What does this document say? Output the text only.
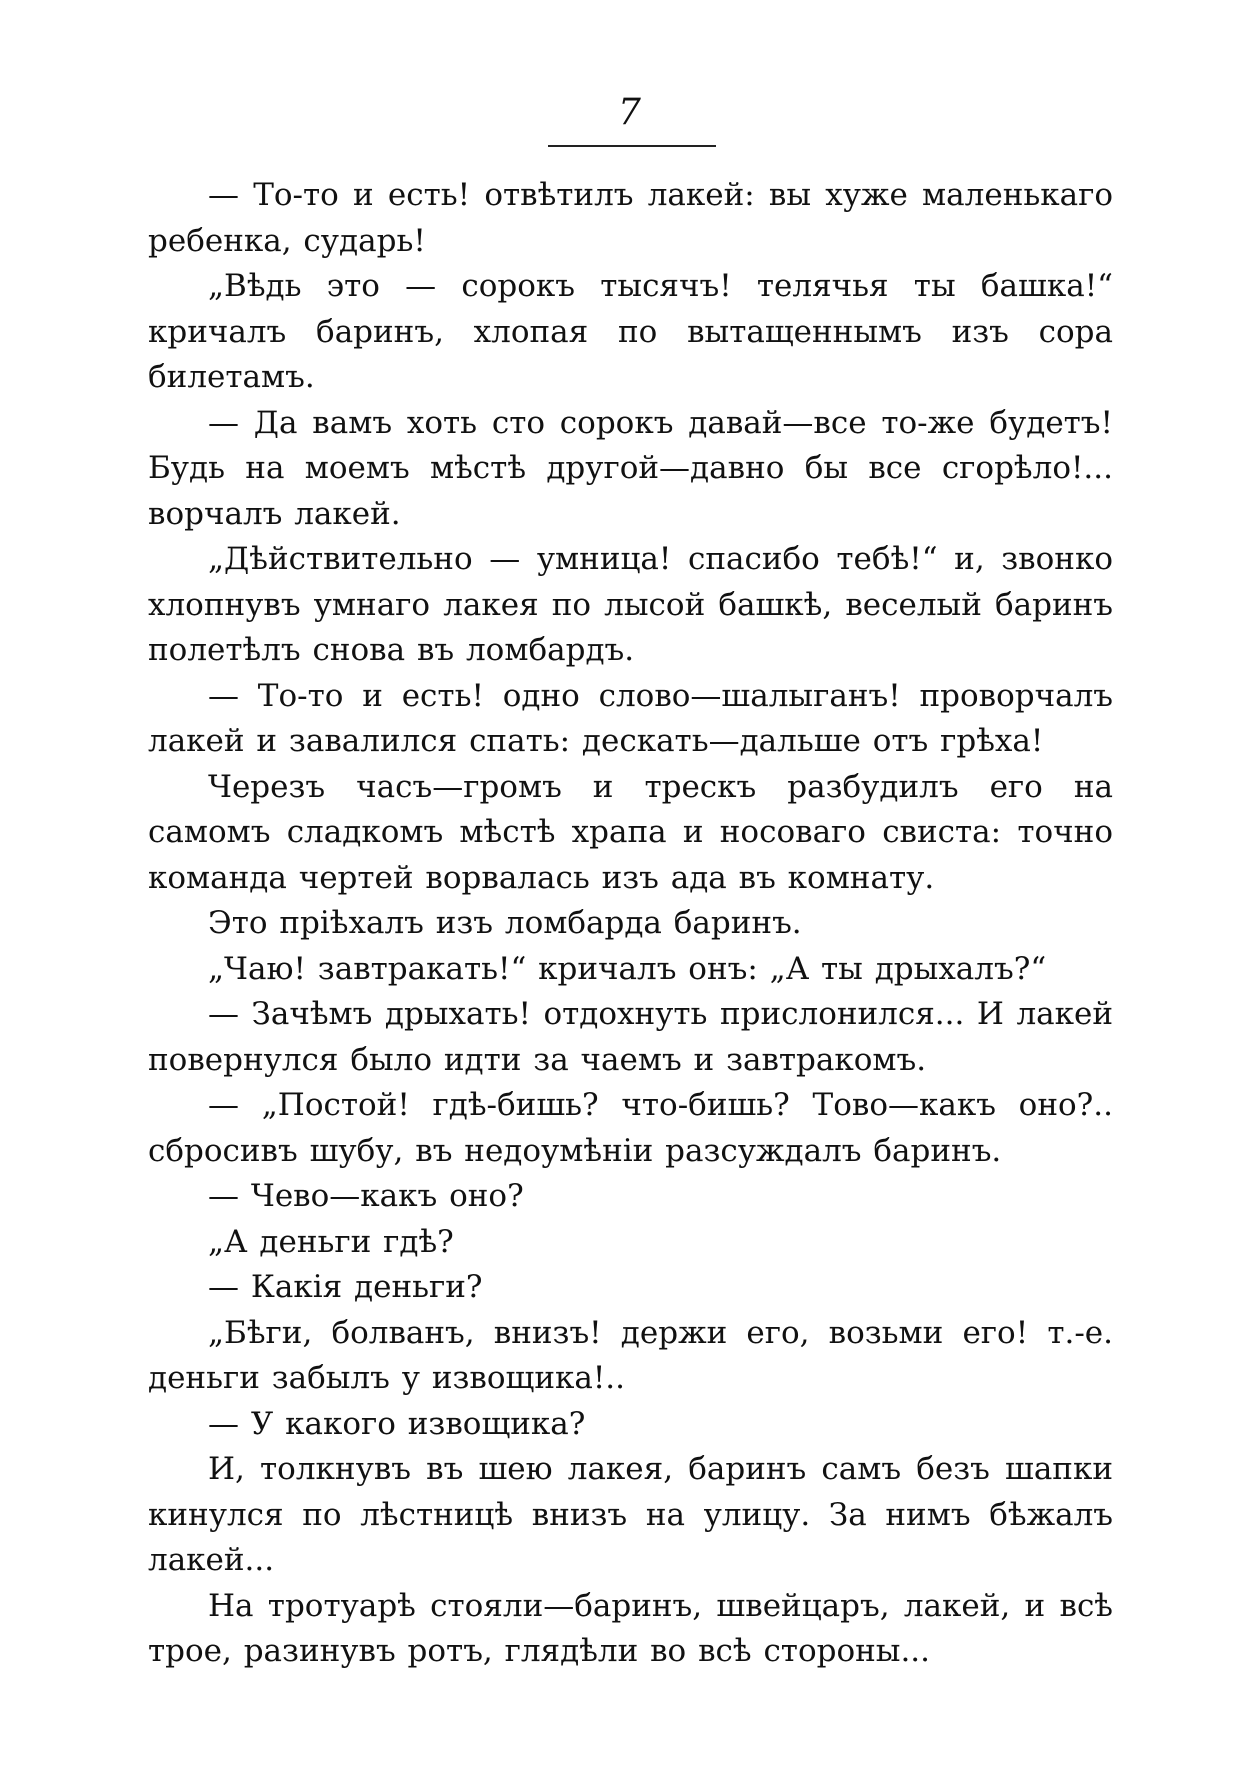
7

— То-то и есть! отвѣтилъ лакей: вы хуже маленькаго ребенка, сударь!

„Вѣдь это — сорокъ тысячъ! телячья ты башка!“ кричалъ баринъ, хлопая по вытащеннымъ изъ сора билетамъ.

— Да вамъ хоть сто сорокъ давай—все то-же будетъ! Будь на моемъ мѣстѣ другой—давно бы все сгорѣло!... ворчалъ лакей.

„Дѣйствительно — умница! спасибо тебѣ!“ и, звонко хлопнувъ умнаго лакея по лысой башкѣ, веселый баринъ полетѣлъ снова въ ломбардъ.

— То-то и есть! одно слово—шалыганъ! проворчалъ лакей и завалился спать: дескать—дальше отъ грѣха!

Черезъ часъ—громъ и трескъ разбудилъ его на самомъ сладкомъ мѣстѣ храпа и носоваго свиста: точно команда чертей ворвалась изъ ада въ комнату.

Это пріѣхалъ изъ ломбарда баринъ.

„Чаю! завтракать!“ кричалъ онъ: „А ты дрыхалъ?“

— Зачѣмъ дрыхать! отдохнуть прислонился... И лакей повернулся было идти за чаемъ и завтракомъ.

— „Постой! гдѣ-бишь? что-бишь? Тово—какъ оно?.. сбросивъ шубу, въ недоумѣніи разсуждалъ баринъ.

— Чево—какъ оно?

„А деньги гдѣ?

— Какія деньги?

„Бѣги, болванъ, внизъ! держи его, возьми его! т.-е. деньги забылъ у извощика!..

— У какого извощика?

И, толкнувъ въ шею лакея, баринъ самъ безъ шапки кинулся по лѣстницѣ внизъ на улицу. За нимъ бѣжалъ лакей...

На тротуарѣ стояли—баринъ, швейцаръ, лакей, и всѣ трое, разинувъ ротъ, глядѣли во всѣ стороны...
